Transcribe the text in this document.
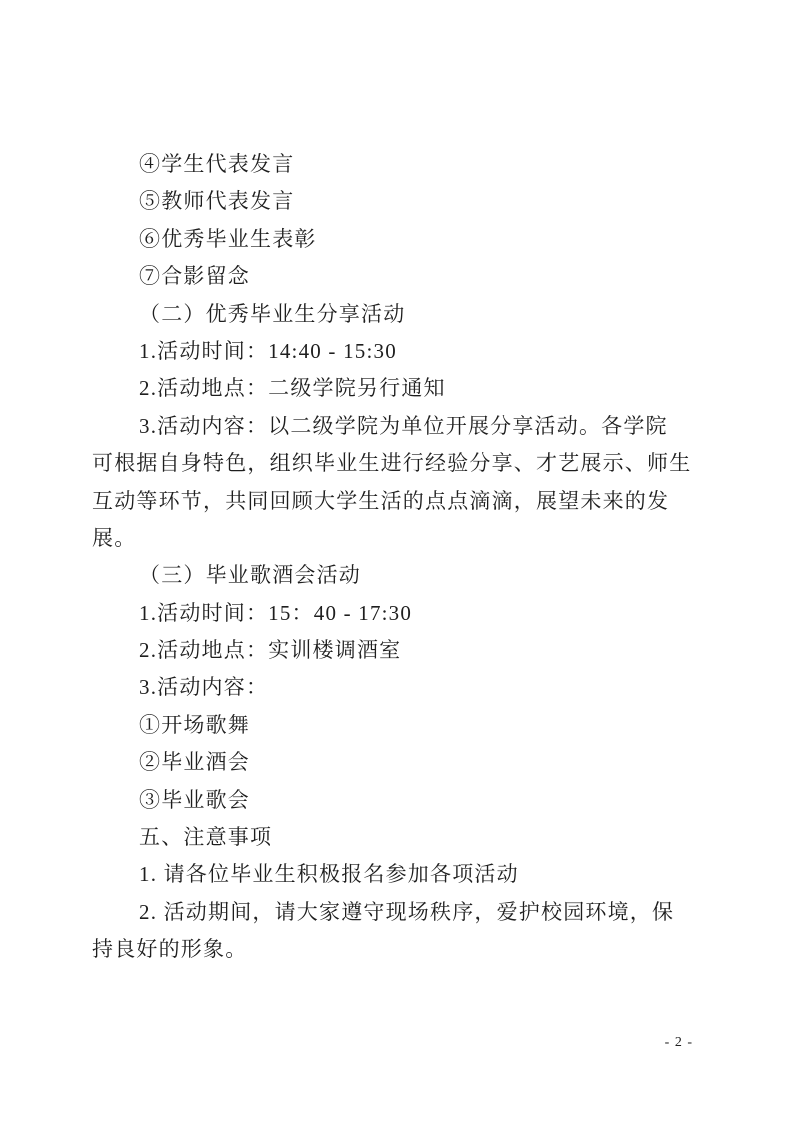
④学生代表发言
⑤教师代表发言
⑥优秀毕业生表彰
⑦合影留念
（二）优秀毕业生分享活动
1.活动时间：14:40 - 15:30
2.活动地点：二级学院另行通知
3.活动内容：以二级学院为单位开展分享活动。各学院
可根据自身特色，组织毕业生进行经验分享、才艺展示、师生
互动等环节，共同回顾大学生活的点点滴滴，展望未来的发
展。
（三）毕业歌酒会活动
1.活动时间：15：40 - 17:30
2.活动地点：实训楼调酒室
3.活动内容：
①开场歌舞
②毕业酒会
③毕业歌会
五、注意事项
1. 请各位毕业生积极报名参加各项活动
2. 活动期间，请大家遵守现场秩序，爱护校园环境，保
持良好的形象。
- 2 -
